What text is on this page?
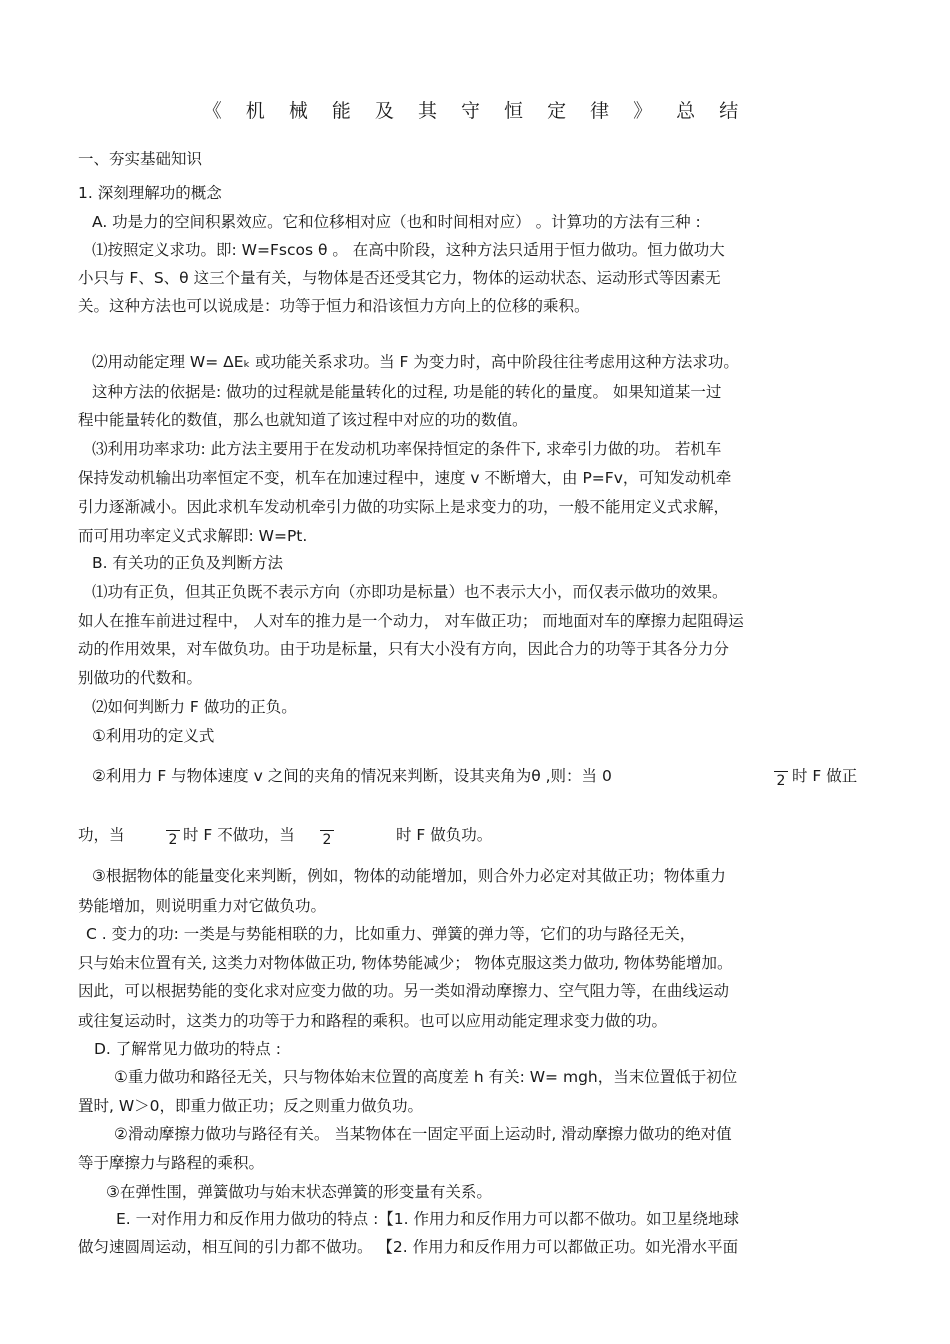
《 机 械 能 及 其 守 恒 定 律 》 总 结
一、夯实基础知识
1. 深刻理解功的概念
A. 功是力的空间积累效应。它和位移相对应（也和时间相对应） 。计算功的方法有三种 :
⑴按照定义求功。即: W=Fscos θ 。 在高中阶段，这种方法只适用于恒力做功。恒力做功大
小只与 F、S、θ 这三个量有关，与物体是否还受其它力，物体的运动状态、运动形式等因素无
关。这种方法也可以说成是：功等于恒力和沿该恒力方向上的位移的乘积。
⑵用动能定理 W= ΔEₖ 或功能关系求功。当 F 为变力时，高中阶段往往考虑用这种方法求功。
这种方法的依据是: 做功的过程就是能量转化的过程, 功是能的转化的量度。 如果知道某一过
程中能量转化的数值，那么也就知道了该过程中对应的功的数值。
⑶利用功率求功: 此方法主要用于在发动机功率保持恒定的条件下, 求牵引力做的功。 若机车
保持发动机输出功率恒定不变，机车在加速过程中，速度 v 不断增大，由 P=Fv，可知发动机牵
引力逐渐减小。因此求机车发动机牵引力做的功实际上是求变力的功，一般不能用定义式求解，
而可用功率定义式求解即: W=Pt.
B. 有关功的正负及判断方法
⑴功有正负，但其正负既不表示方向（亦即功是标量）也不表示大小，而仅表示做功的效果。
如人在推车前进过程中， 人对车的推力是一个动力， 对车做正功； 而地面对车的摩擦力起阻碍运
动的作用效果，对车做负功。由于功是标量，只有大小没有方向，因此合力的功等于其各分力分
别做功的代数和。
⑵如何判断力 F 做功的正负。
①利用功的定义式
②利用力 F 与物体速度 v 之间的夹角的情况来判断，设其夹角为θ ,则：当 0	2 时 F 做正
功，当	2 时 F 不做功，当 2	时 F 做负功。
③根据物体的能量变化来判断，例如，物体的动能增加，则合外力必定对其做正功；物体重力
势能增加，则说明重力对它做负功。
C . 变力的功: 一类是与势能相联的力，比如重力、弹簧的弹力等，它们的功与路径无关，
只与始末位置有关, 这类力对物体做正功, 物体势能减少； 物体克服这类力做功, 物体势能增加。
因此，可以根据势能的变化求对应变力做的功。另一类如滑动摩擦力、空气阻力等，在曲线运动
或往复运动时，这类力的功等于力和路程的乘积。也可以应用动能定理求变力做的功。
D. 了解常见力做功的特点 :
①重力做功和路径无关，只与物体始末位置的高度差 h 有关: W= mgh，当末位置低于初位
置时, W＞0，即重力做正功；反之则重力做负功。
②滑动摩擦力做功与路径有关。 当某物体在一固定平面上运动时, 滑动摩擦力做功的绝对值
等于摩擦力与路程的乘积。
③在弹性围，弹簧做功与始末状态弹簧的形变量有关系。
E. 一对作用力和反作用力做功的特点 :【1. 作用力和反作用力可以都不做功。如卫星绕地球
做匀速圆周运动，相互间的引力都不做功。 【2. 作用力和反作用力可以都做正功。如光滑水平面
